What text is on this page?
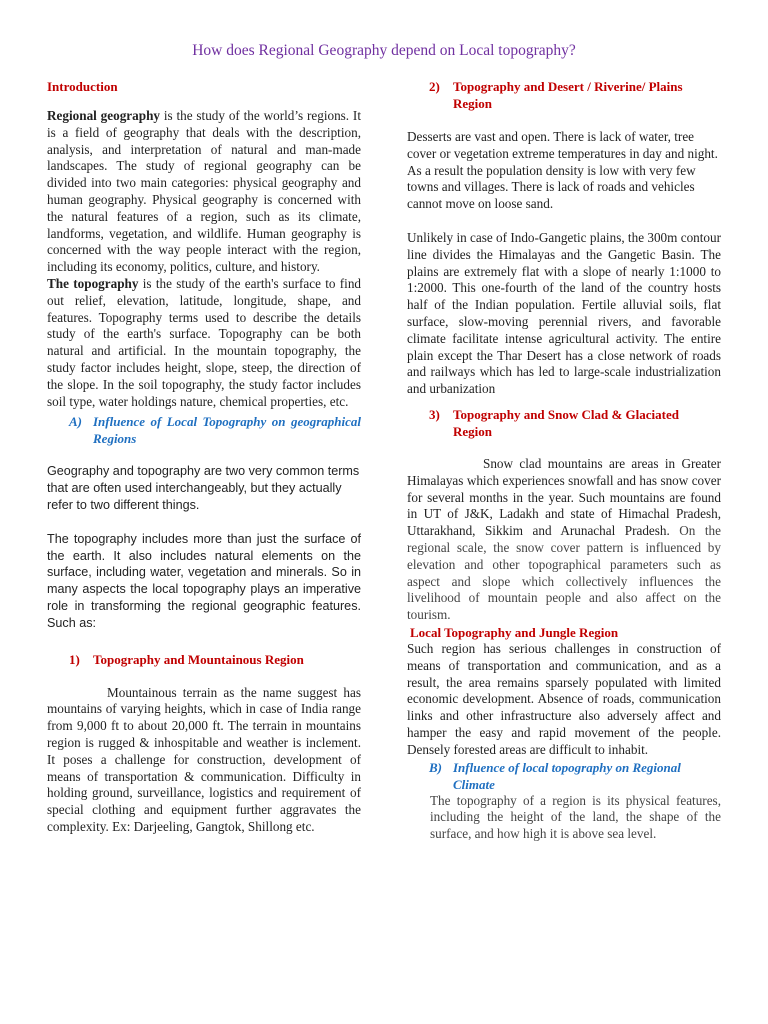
How does Regional Geography depend on Local topography?
Introduction

Regional geography is the study of the world’s regions. It is a field of geography that deals with the description, analysis, and interpretation of natural and man-made landscapes. The study of regional geography can be divided into two main categories: physical geography and human geography. Physical geography is concerned with the natural features of a region, such as its climate, landforms, vegetation, and wildlife. Human geography is concerned with the way people interact with the region, including its economy, politics, culture, and history.

The topography is the study of the earth's surface to find out relief, elevation, latitude, longitude, shape, and features. Topography terms used to describe the details study of the earth's surface. Topography can be both natural and artificial. In the mountain topography, the study factor includes height, slope, steep, the direction of the slope. In the soil topography, the study factor includes soil type, water holdings nature, chemical properties, etc.

A) Influence of Local Topography on geographical Regions

Geography and topography are two very common terms that are often used interchangeably, but they actually refer to two different things.

The topography includes more than just the surface of the earth. It also includes natural elements on the surface, including water, vegetation and minerals. So in many aspects the local topography plays an imperative role in transforming the regional geographic features. Such as:

1)	Topography and Mountainous Region

Mountainous terrain as the name suggest has mountains of varying heights, which in case of India range from 9,000 ft to about 20,000 ft. The terrain in mountains region is rugged & inhospitable and weather is inclement. It poses a challenge for construction, development of means of transportation & communication. Difficulty in holding ground, surveillance, logistics and requirement of special clothing and equipment further aggravates the complexity. Ex: Darjeeling, Gangtok, Shillong etc.

2)	Topography and Desert / Riverine/ Plains Region

Desserts are vast and open. There is lack of water, tree cover or vegetation extreme temperatures in day and night. As a result the population density is low with very few towns and villages. There is lack of roads and vehicles cannot move on loose sand.

Unlikely in case of Indo-Gangetic plains, the 300m contour line divides the Himalayas and the Gangetic Basin. The plains are extremely flat with a slope of nearly 1:1000 to 1:2000. This one-fourth of the land of the country hosts half of the Indian population. Fertile alluvial soils, flat surface, slow-moving perennial rivers, and favorable climate facilitate intense agricultural activity. The entire plain except the Thar Desert has a close network of roads and railways which has led to large-scale industrialization and urbanization

3)	Topography and Snow Clad & Glaciated Region

Snow clad mountains are areas in Greater Himalayas which experiences snowfall and has snow cover for several months in the year. Such mountains are found in UT of J&K, Ladakh and state of Himachal Pradesh, Uttarakhand, Sikkim and Arunachal Pradesh. On the regional scale, the snow cover pattern is influenced by elevation and other topographical parameters such as aspect and slope which collectively influences the livelihood of mountain people and also affect on the tourism.

Local Topography and Jungle Region

Such region has serious challenges in construction of means of transportation and communication, and as a result, the area remains sparsely populated with limited economic development. Absence of roads, communication links and other infrastructure also adversely affect and hamper the easy and rapid movement of the people. Densely forested areas are difficult to inhabit.

B) Influence of local topography on Regional Climate

The topography of a region is its physical features, including the height of the land, the shape of the surface, and how high it is above sea level.
